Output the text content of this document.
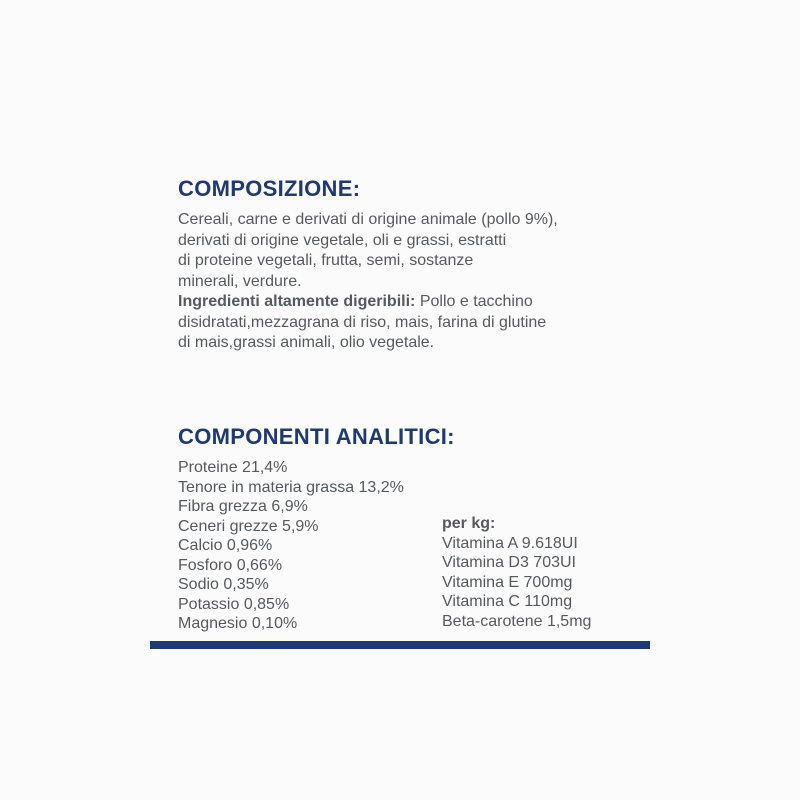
COMPOSIZIONE:

Cereali, carne e derivati di origine animale (pollo 9%),
derivati di origine vegetale, oli e grassi, estratti
di proteine vegetali, frutta, semi, sostanze
minerali, verdure.
Ingredienti altamente digeribili: Pollo e tacchino
disidratati,mezzagrana di riso, mais, farina di glutine
di mais,grassi animali, olio vegetale.

COMPONENTI ANALITICI:
Proteine 21,4%
Tenore in materia grassa 13,2%
Fibra grezza 6,9%
Ceneri grezze 5,9%
Calcio 0,96%
Fosforo 0,66%
Sodio 0,35%
Potassio 0,85%
Magnesio 0,10%
per kg:
Vitamina A 9.618UI
Vitamina D3 703UI
Vitamina E 700mg
Vitamina C 110mg
Beta-carotene 1,5mg
